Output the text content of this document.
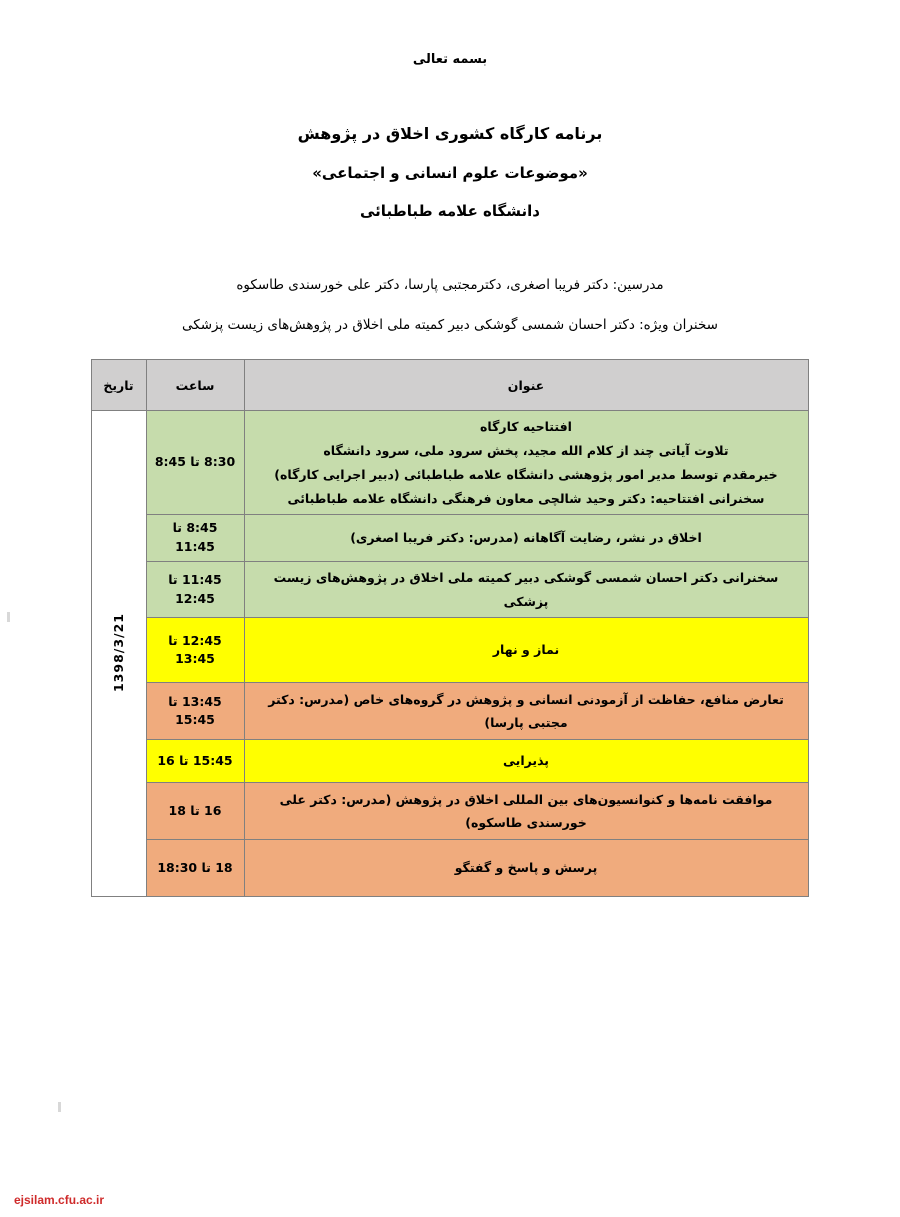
بسمه تعالی
برنامه کارگاه کشوری اخلاق در پژوهش
«موضوعات علوم انسانی و اجتماعی»
دانشگاه علامه طباطبائی
مدرسین: دکتر فریبا اصغری، دکترمجتبی پارسا، دکتر علی خورسندی طاسکوه
سخنران ویژه: دکتر احسان شمسی گوشکی دبیر کمیته ملی اخلاق در پژوهش‌های زیست پزشکی
عنوان	ساعت	تاریخ

افتتاحیه کارگاه
تلاوت آیاتی چند از کلام الله مجید، پخش سرود ملی، سرود دانشگاه
خیرمقدم توسط مدیر امور پژوهشی دانشگاه علامه طباطبائی (دبیر اجرایی کارگاه)
سخنرانی افتتاحیه: دکتر وحید شالچی معاون فرهنگی دانشگاه علامه طباطبائی	8:30 تا 8:45	1398/3/21

اخلاق در نشر، رضایت آگاهانه (مدرس: دکتر فریبا اصغری)	8:45 تا 11:45	

سخنرانی دکتر احسان شمسی گوشکی دبیر کمیته ملی اخلاق در پژوهش‌های زیست پزشکی	11:45 تا 12:45	

نماز و نهار	12:45 تا 13:45	

تعارض منافع، حفاظت از آزمودنی انسانی و پژوهش در گروه‌های خاص (مدرس: دکتر مجتبی پارسا)	13:45 تا 15:45	

پذیرایی	15:45 تا 16	

موافقت نامه‌ها و کنوانسیون‌های بین المللی اخلاق در پژوهش (مدرس: دکتر علی خورسندی طاسکوه)	16 تا 18	

پرسش و پاسخ و گفتگو	18 تا 18:30	
ejsilam.cfu.ac.ir
